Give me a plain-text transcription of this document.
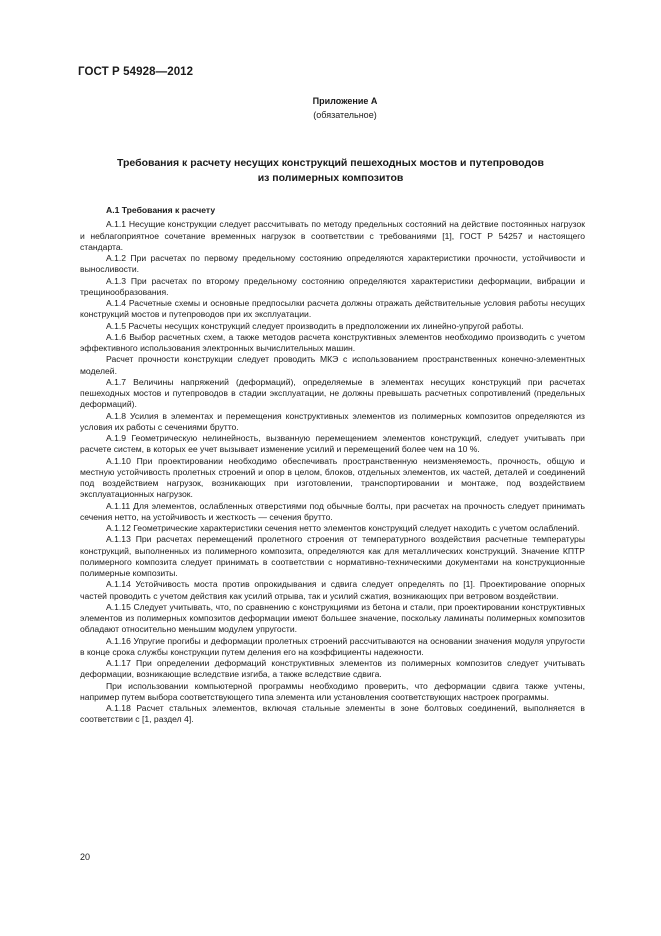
ГОСТ Р 54928—2012
Приложение А
(обязательное)
Требования к расчету несущих конструкций пешеходных мостов и путепроводов
из полимерных композитов
А.1 Требования к расчету

А.1.1 Несущие конструкции следует рассчитывать по методу предельных состояний на действие постоянных нагрузок и неблагоприятное сочетание временных нагрузок в соответствии с требованиями [1], ГОСТ Р 54257 и настоящего стандарта.

А.1.2 При расчетах по первому предельному состоянию определяются характеристики прочности, устойчивости и выносливости.

А.1.3 При расчетах по второму предельному состоянию определяются характеристики деформации, вибрации и трещинообразования.

А.1.4 Расчетные схемы и основные предпосылки расчета должны отражать действительные условия работы несущих конструкций мостов и путепроводов при их эксплуатации.

А.1.5 Расчеты несущих конструкций следует производить в предположении их линейно-упругой работы.

А.1.6 Выбор расчетных схем, а также методов расчета конструктивных элементов необходимо производить с учетом эффективного использования электронных вычислительных машин.

Расчет прочности конструкции следует проводить МКЭ с использованием пространственных конечно-элементных моделей.

А.1.7 Величины напряжений (деформаций), определяемые в элементах несущих конструкций при расчетах пешеходных мостов и путепроводов в стадии эксплуатации, не должны превышать расчетных сопротивлений (предельных деформаций).

А.1.8 Усилия в элементах и перемещения конструктивных элементов из полимерных композитов определяются из условия их работы с сечениями брутто.

А.1.9 Геометрическую нелинейность, вызванную перемещением элементов конструкций, следует учитывать при расчете систем, в которых ее учет вызывает изменение усилий и перемещений более чем на 10 %.

А.1.10 При проектировании необходимо обеспечивать пространственную неизменяемость, прочность, общую и местную устойчивость пролетных строений и опор в целом, блоков, отдельных элементов, их частей, деталей и соединений под воздействием нагрузок, возникающих при изготовлении, транспортировании и монтаже, под воздействием эксплуатационных нагрузок.

А.1.11 Для элементов, ослабленных отверстиями под обычные болты, при расчетах на прочность следует принимать сечения нетто, на устойчивость и жесткость — сечения брутто.

А.1.12 Геометрические характеристики сечения нетто элементов конструкций следует находить с учетом ослаблений.

А.1.13 При расчетах перемещений пролетного строения от температурного воздействия расчетные температуры конструкций, выполненных из полимерного композита, определяются как для металлических конструкций. Значение КПТР полимерного композита следует принимать в соответствии с нормативно-техническими документами на конструкционные полимерные композиты.

А.1.14 Устойчивость моста против опрокидывания и сдвига следует определять по [1]. Проектирование опорных частей проводить с учетом действия как усилий отрыва, так и усилий сжатия, возникающих при ветровом воздействии.

А.1.15 Следует учитывать, что, по сравнению с конструкциями из бетона и стали, при проектировании конструктивных элементов из полимерных композитов деформации имеют большее значение, поскольку ламинаты полимерных композитов обладают относительно меньшим модулем упругости.

А.1.16 Упругие прогибы и деформации пролетных строений рассчитываются на основании значения модуля упругости в конце срока службы конструкции путем деления его на коэффициенты надежности.

А.1.17 При определении деформаций конструктивных элементов из полимерных композитов следует учитывать деформации, возникающие вследствие изгиба, а также вследствие сдвига.

При использовании компьютерной программы необходимо проверить, что деформации сдвига также учтены, например путем выбора соответствующего типа элемента или установления соответствующих настроек программы.

А.1.18 Расчет стальных элементов, включая стальные элементы в зоне болтовых соединений, выполняется в соответствии с [1, раздел 4].

20
